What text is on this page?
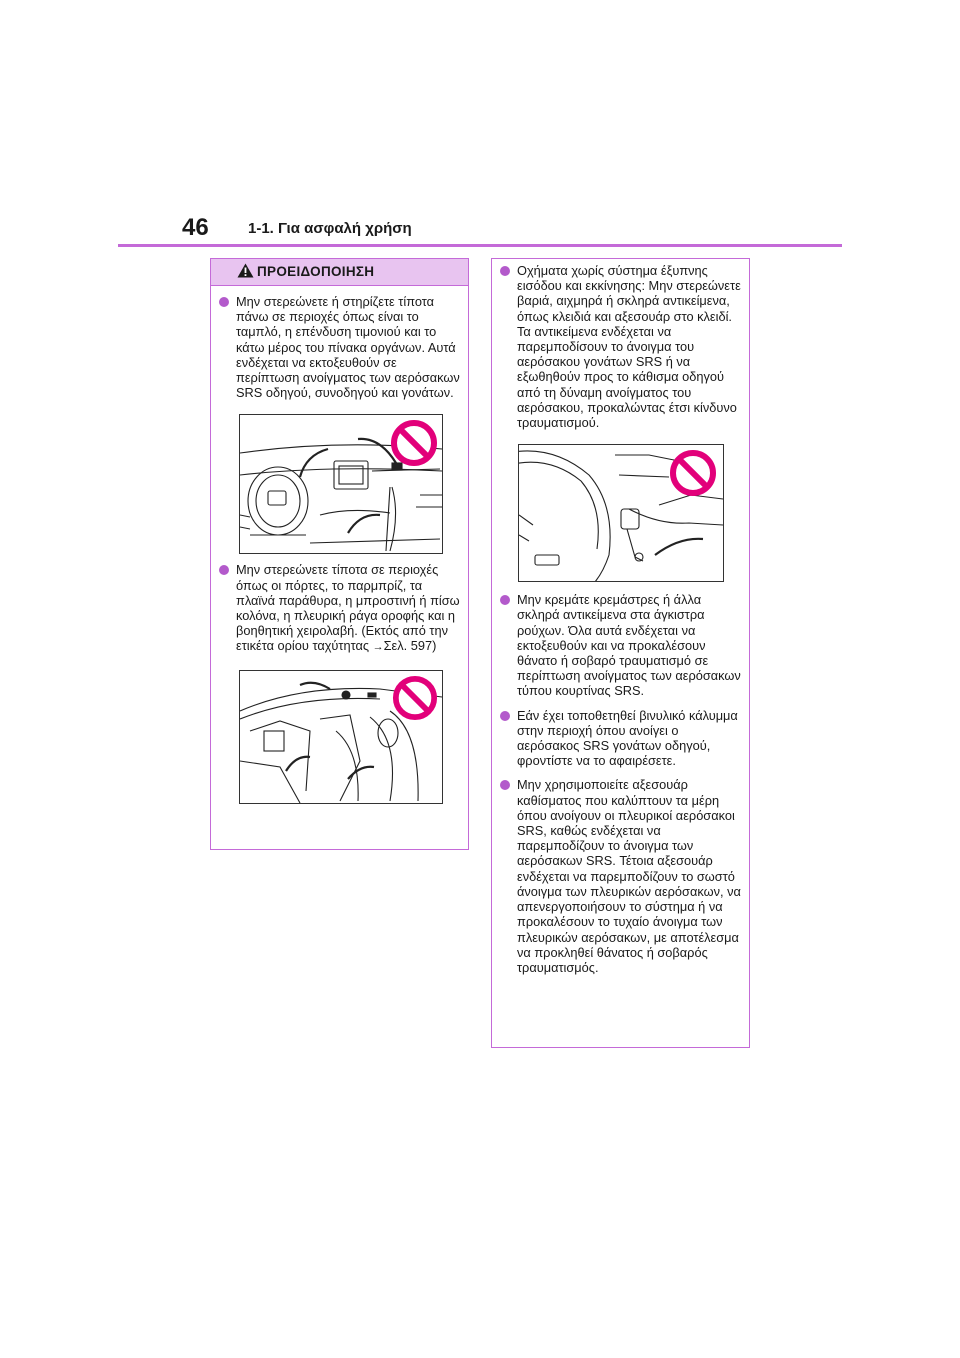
46	1-1. Για ασφαλή χρήση
ΠΡΟΕΙΔΟΠΟΙΗΣΗ
Μην στερεώνετε ή στηρίζετε τίποτα πάνω σε περιοχές όπως είναι το ταμπλό, η επένδυση τιμονιού και το κάτω μέρος του πίνακα οργάνων. Αυτά ενδέχεται να εκτοξευθούν σε περίπτωση ανοίγματος των αερόσακων SRS οδηγού, συνοδηγού και γονάτων.
Μην στερεώνετε τίποτα σε περιοχές όπως οι πόρτες, το παρμπρίζ, τα πλαϊνά παράθυρα, η μπροστινή ή πίσω κολόνα, η πλευρική ράγα οροφής και η βοηθητική χειρολαβή. (Εκτός από την ετικέτα ορίου ταχύτητας →Σελ. 597)
Οχήματα χωρίς σύστημα έξυπνης εισόδου και εκκίνησης: Μην στερεώνετε βαριά, αιχμηρά ή σκληρά αντικείμενα, όπως κλειδιά και αξεσουάρ στο κλειδί. Τα αντικείμενα ενδέχεται να παρεμποδίσουν το άνοιγμα του αερόσακου γονάτων SRS ή να εξωθηθούν προς το κάθισμα οδηγού από τη δύναμη ανοίγματος του αερόσακου, προκαλώντας έτσι κίνδυνο τραυματισμού.
Μην κρεμάτε κρεμάστρες ή άλλα σκληρά αντικείμενα στα άγκιστρα ρούχων. Όλα αυτά ενδέχεται να εκτοξευθούν και να προκαλέσουν θάνατο ή σοβαρό τραυματισμό σε περίπτωση ανοίγματος των αερόσακων τύπου κουρτίνας SRS.
Εάν έχει τοποθετηθεί βινυλικό κάλυμμα στην περιοχή όπου ανοίγει ο αερόσακος SRS γονάτων οδηγού, φροντίστε να το αφαιρέσετε.
Μην χρησιμοποιείτε αξεσουάρ καθίσματος που καλύπτουν τα μέρη όπου ανοίγουν οι πλευρικοί αερόσακοι SRS, καθώς ενδέχεται να παρεμποδίζουν το άνοιγμα των αερόσακων SRS. Τέτοια αξεσουάρ ενδέχεται να παρεμποδίζουν το σωστό άνοιγμα των πλευρικών αερόσακων, να απενεργοποιήσουν το σύστημα ή να προκαλέσουν το τυχαίο άνοιγμα των πλευρικών αερόσακων, με αποτέλεσμα να προκληθεί θάνατος ή σοβαρός τραυματισμός.
